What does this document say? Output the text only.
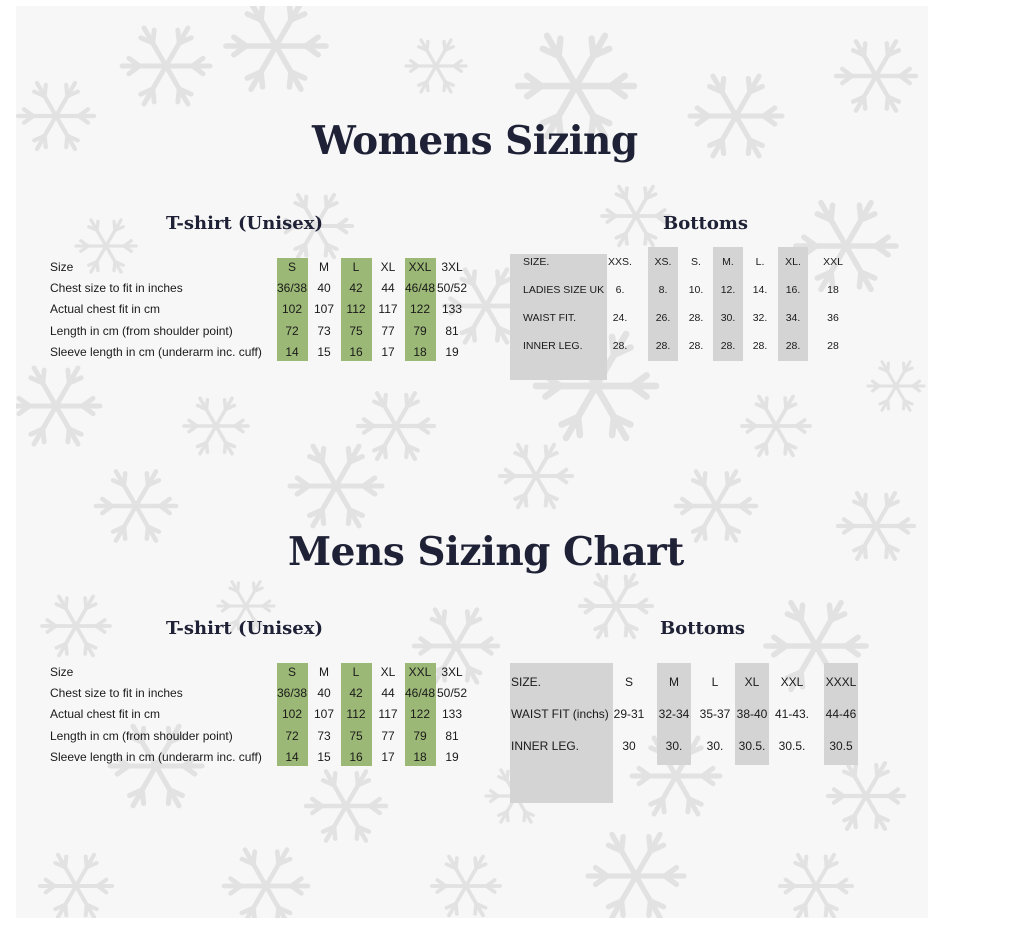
Womens Sizing
T-shirt (Unisex)	Bottoms
Size	S M L XL XXL 3XL
Chest size to fit in inches	36/38 40 42 44 46/48 50/52
Actual chest fit in cm	102 107 112 117 122 133
Length in cm (from shoulder point)	72 73 75 77 79 81
Sleeve length in cm (underarm inc. cuff) 14 15 16 17 18 19
SIZE.	XXS. XS. S. M. L. XL. XXL
LADIES SIZE UK 6.	8. 10. 12. 14. 16.	18
WAIST FIT.	24.	26. 28. 30. 32. 34.	36
INNER LEG.	28.	28. 28. 28. 28. 28.	28
Mens Sizing Chart
T-shirt (Unisex)	Bottoms
Size	S M L XL XXL 3XL
Chest size to fit in inches	36/38 40 42 44 46/48 50/52
Actual chest fit in cm	102 107 112 117 122 133
Length in cm (from shoulder point)	72 73 75 77 79 81
Sleeve length in cm (underarm inc. cuff) 14 15 16 17 18 19
SIZE.	S	M	L XL XXL XXXL
WAIST FIT (inchs) 29-31 32-34 35-37 38-40 41-43. 44-46
INNER LEG.	30 30. 30. 30.5. 30.5. 30.5
